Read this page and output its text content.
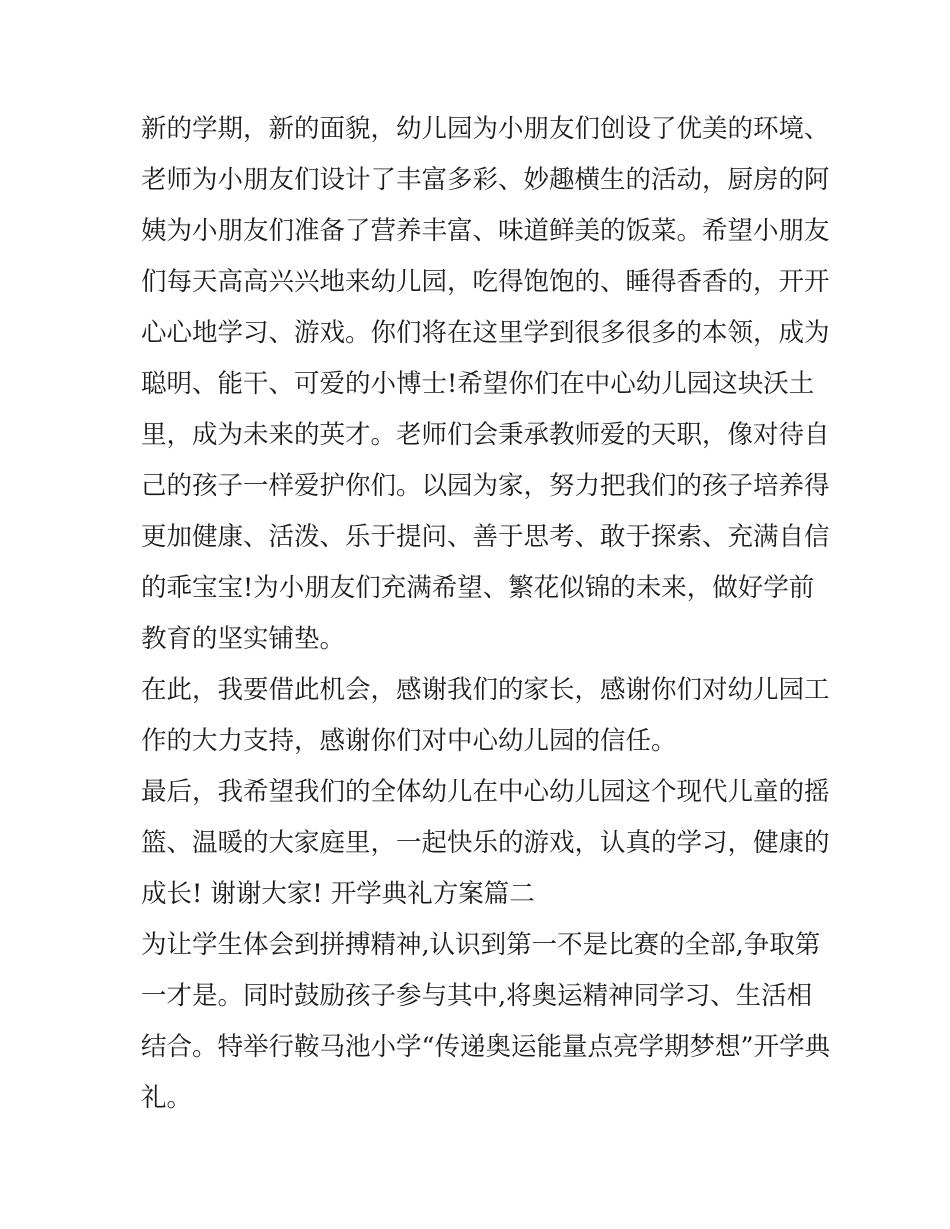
新的学期，新的面貌，幼儿园为小朋友们创设了优美的环境、
老师为小朋友们设计了丰富多彩、妙趣横生的活动，厨房的阿
姨为小朋友们准备了营养丰富、味道鲜美的饭菜。希望小朋友
们每天高高兴兴地来幼儿园，吃得饱饱的、睡得香香的，开开
心心地学习、游戏。你们将在这里学到很多很多的本领，成为
聪明、能干、可爱的小博士!希望你们在中心幼儿园这块沃土
里，成为未来的英才。老师们会秉承教师爱的天职，像对待自
己的孩子一样爱护你们。以园为家，努力把我们的孩子培养得
更加健康、活泼、乐于提问、善于思考、敢于探索、充满自信
的乖宝宝!为小朋友们充满希望、繁花似锦的未来，做好学前
教育的坚实铺垫。
在此，我要借此机会，感谢我们的家长，感谢你们对幼儿园工
作的大力支持，感谢你们对中心幼儿园的信任。
最后，我希望我们的全体幼儿在中心幼儿园这个现代儿童的摇
篮、温暖的大家庭里，一起快乐的游戏，认真的学习，健康的
成长! 谢谢大家! 开学典礼方案篇二
为让学生体会到拼搏精神,认识到第一不是比赛的全部,争取第
一才是。同时鼓励孩子参与其中,将奥运精神同学习、生活相
结合。特举行鞍马池小学“传递奥运能量点亮学期梦想”开学典
礼。
